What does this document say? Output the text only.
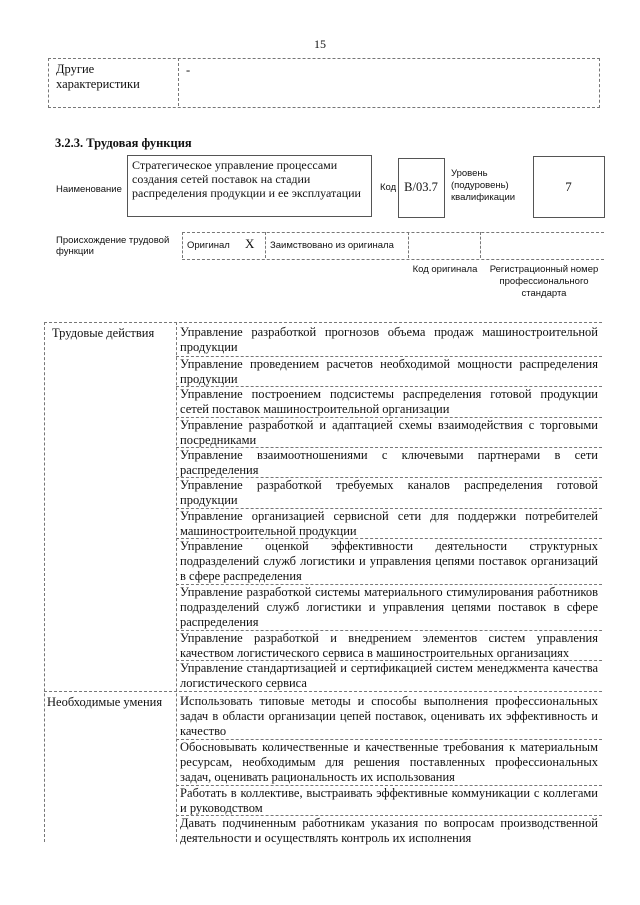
15
Другие характеристики
-
3.2.3. Трудовая функция
Наименование
Стратегическое управление процессами создания сетей поставок на стадии распределения продукции и ее эксплуатации	Код B/03.7
Уровень (подуровень) квалификации
7
Происхождение трудовой функции
Оригинал X Заимствовано из оригинала
Код оригинала	Регистрационный номер профессионального стандарта
Трудовые действия
Необходимые умения
Управление разработкой прогнозов объема продаж машиностроительной продукции
Управление проведением расчетов необходимой мощности распределения продукции
Управление построением подсистемы распределения готовой продукции сетей поставок машиностроительной организации
Управление разработкой и адаптацией схемы взаимодействия с торговыми посредниками
Управление взаимоотношениями с ключевыми партнерами в сети распределения
Управление разработкой требуемых каналов распределения готовой продукции
Управление организацией сервисной сети для поддержки потребителей машиностроительной продукции
Управление оценкой эффективности деятельности структурных подразделений служб логистики и управления цепями поставок организаций в сфере распределения
Управление разработкой системы материального стимулирования работников подразделений служб логистики и управления цепями поставок в сфере распределения
Управление разработкой и внедрением элементов систем управления качеством логистического сервиса в машиностроительных организациях
Управление стандартизацией и сертификацией систем менеджмента качества логистического сервиса
Использовать типовые методы и способы выполнения профессиональных задач в области организации цепей поставок, оценивать их эффективность и качество
Обосновывать количественные и качественные требования к материальным ресурсам, необходимым для решения поставленных профессиональных задач, оценивать рациональность их использования
Работать в коллективе, выстраивать эффективные коммуникации с коллегами и руководством
Давать подчиненным работникам указания по вопросам производственной деятельности и осуществлять контроль их исполнения
